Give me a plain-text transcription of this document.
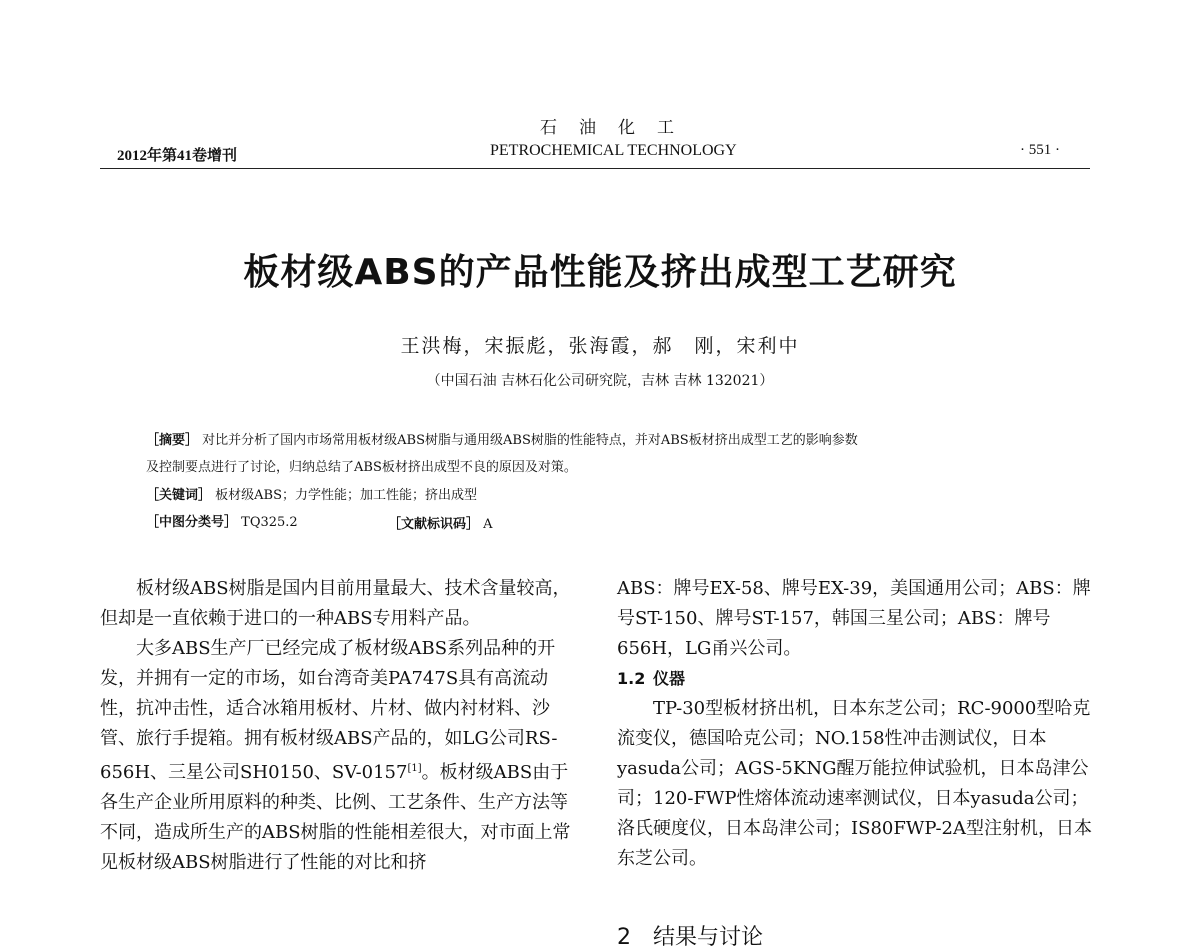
石油化工
PETROCHEMICAL TECHNOLOGY
2012年第41卷增刊	· 551 ·
板材级ABS的产品性能及挤出成型工艺研究
王洪梅，宋振彪，张海霞，郝　刚，宋利中
（中国石油 吉林石化公司研究院，吉林 吉林 132021）
［摘要］ 对比并分析了国内市场常用板材级ABS树脂与通用级ABS树脂的性能特点，并对ABS板材挤出成型工艺的影响参数
及控制要点进行了讨论，归纳总结了ABS板材挤出成型不良的原因及对策。
［关键词］ 板材级ABS；力学性能；加工性能；挤出成型
［中图分类号］ TQ325.2	［文献标识码］ A

板材级ABS树脂是国内目前用量最大、技术含量较高，但却是一直依赖于进口的一种ABS专用料产品。

大多ABS生产厂已经完成了板材级ABS系列品种的开发，并拥有一定的市场，如台湾奇美PA747S具有高流动性，抗冲击性，适合冰箱用板材、片材、做内衬材料、沙管、旅行手提箱。拥有板材级ABS产品的，如LG公司RS-656H、三星公司SH0150、SV-0157[1]。板材级ABS由于各生产企业所用原料的种类、比例、工艺条件、生产方法等不同，造成所生产的ABS树脂的性能相差很大，对市面上常见板材级ABS树脂进行了性能的对比和挤

ABS：牌号EX-58、牌号EX-39，美国通用公司；ABS：牌号ST-150、牌号ST-157，韩国三星公司；ABS：牌号656H，LG甬兴公司。

1.2 仪器

TP-30型板材挤出机，日本东芝公司；RC-9000型哈克流变仪，德国哈克公司；NO.158性冲击测试仪，日本yasuda公司；AGS-5KNG醒万能拉伸试验机，日本岛津公司；120-FWP性熔体流动速率测试仪，日本yasuda公司；洛氏硬度仪，日本岛津公司；IS80FWP-2A型注射机，日本东芝公司。

2　结果与讨论
